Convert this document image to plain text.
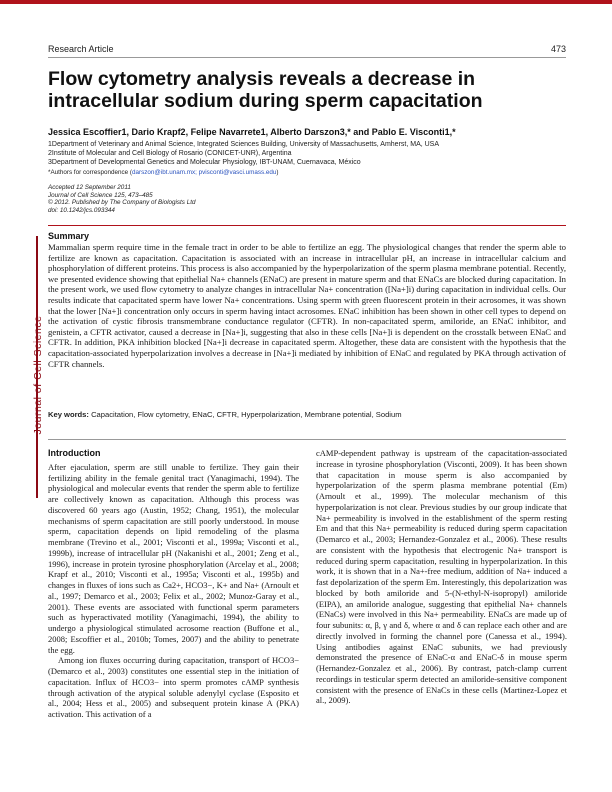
Research Article	473
Journal of Cell Science
Flow cytometry analysis reveals a decrease in intracellular sodium during sperm capacitation
Jessica Escoffier1, Dario Krapf2, Felipe Navarrete1, Alberto Darszon3,* and Pablo E. Visconti1,*
1Department of Veterinary and Animal Science, Integrated Sciences Building, University of Massachusetts, Amherst, MA, USA
2Institute of Molecular and Cell Biology of Rosario (CONICET-UNR), Argentina
3Department of Developmental Genetics and Molecular Physiology, IBT-UNAM, Cuernavaca, México
*Authors for correspondence (darszon@ibt.unam.mx; pvisconti@vasci.umass.edu)
Accepted 12 September 2011
Journal of Cell Science 125, 473–485
© 2012. Published by The Company of Biologists Ltd
doi: 10.1242/jcs.093344
Summary

Mammalian sperm require time in the female tract in order to be able to fertilize an egg. The physiological changes that render the sperm able to fertilize are known as capacitation. Capacitation is associated with an increase in intracellular pH, an increase in intracellular calcium and phosphorylation of different proteins. This process is also accompanied by the hyperpolarization of the sperm plasma membrane potential. Recently, we presented evidence showing that epithelial Na+ channels (ENaC) are present in mature sperm and that ENaCs are blocked during capacitation. In the present work, we used flow cytometry to analyze changes in intracellular Na+ concentration ([Na+]i) during capacitation in individual cells. Our results indicate that capacitated sperm have lower Na+ concentrations. Using sperm with green fluorescent protein in their acrosomes, it was shown that the lower [Na+]i concentration only occurs in sperm having intact acrosomes. ENaC inhibition has been shown in other cell types to depend on the activation of cystic fibrosis transmembrane conductance regulator (CFTR). In non-capacitated sperm, amiloride, an ENaC inhibitor, and genistein, a CFTR activator, caused a decrease in [Na+]i, suggesting that also in these cells [Na+]i is dependent on the crosstalk between ENaC and CFTR. In addition, PKA inhibition blocked [Na+]i decrease in capacitated sperm. Altogether, these data are consistent with the hypothesis that the capacitation-associated hyperpolarization involves a decrease in [Na+]i mediated by inhibition of ENaC and regulated by PKA through activation of CFTR channels.

Key words: Capacitation, Flow cytometry, ENaC, CFTR, Hyperpolarization, Membrane potential, Sodium
Introduction

After ejaculation, sperm are still unable to fertilize. They gain their fertilizing ability in the female genital tract (Yanagimachi, 1994). The physiological and molecular events that render the sperm able to fertilize are collectively known as capacitation. Although this process was discovered 60 years ago (Austin, 1952; Chang, 1951), the molecular mechanisms of sperm capacitation are still poorly understood. In mouse sperm, capacitation depends on lipid remodeling of the plasma membrane (Trevino et al., 2001; Visconti et al., 1999a; Visconti et al., 1999b), increase of intracellular pH (Nakanishi et al., 2001; Zeng et al., 1996), increase in protein tyrosine phosphorylation (Arcelay et al., 2008; Krapf et al., 2010; Visconti et al., 1995a; Visconti et al., 1995b) and changes in fluxes of ions such as Ca2+, HCO3−, K+ and Na+ (Arnoult et al., 1997; Demarco et al., 2003; Felix et al., 2002; Munoz-Garay et al., 2001). These events are associated with functional sperm parameters such as hyperactivated motility (Yanagimachi, 1994), the ability to undergo a physiological stimulated acrosome reaction (Buffone et al., 2008; Escoffier et al., 2010b; Tomes, 2007) and the ability to penetrate the egg.

Among ion fluxes occurring during capacitation, transport of HCO3− (Demarco et al., 2003) constitutes one essential step in the initiation of capacitation. Influx of HCO3− into sperm promotes cAMP synthesis through activation of the atypical soluble adenylyl cyclase (Esposito et al., 2004; Hess et al., 2005) and subsequent protein kinase A (PKA) activation. This activation of a

cAMP-dependent pathway is upstream of the capacitation-associated increase in tyrosine phosphorylation (Visconti, 2009). It has been shown that capacitation in mouse sperm is also accompanied by hyperpolarization of the sperm plasma membrane potential (Em) (Arnoult et al., 1999). The molecular mechanism of this hyperpolarization is not clear. Previous studies by our group indicate that Na+ permeability is involved in the establishment of the sperm resting Em and that this Na+ permeability is reduced during sperm capacitation (Demarco et al., 2003; Hernandez-Gonzalez et al., 2006). These results are consistent with the hypothesis that electrogenic Na+ transport is reduced during sperm capacitation, resulting in hyperpolarization. In this work, it is shown that in a Na+-free medium, addition of Na+ induced a fast depolarization of the sperm Em. Interestingly, this depolarization was blocked by both amiloride and 5-(N-ethyl-N-isopropyl) amiloride (EIPA), an amiloride analogue, suggesting that epithelial Na+ channels (ENaCs) were involved in this Na+ permeability. ENaCs are made up of four subunits: α, β, γ and δ, where α and δ can replace each other and are directly involved in forming the channel pore (Canessa et al., 1994). Using antibodies against ENaC subunits, we had previously demonstrated the presence of ENaC-α and ENaC-δ in mouse sperm (Hernandez-Gonzalez et al., 2006). By contrast, patch-clamp current recordings in testicular sperm detected an amiloride-sensitive component consistent with the presence of ENaCs in these cells (Martinez-Lopez et al., 2009).
